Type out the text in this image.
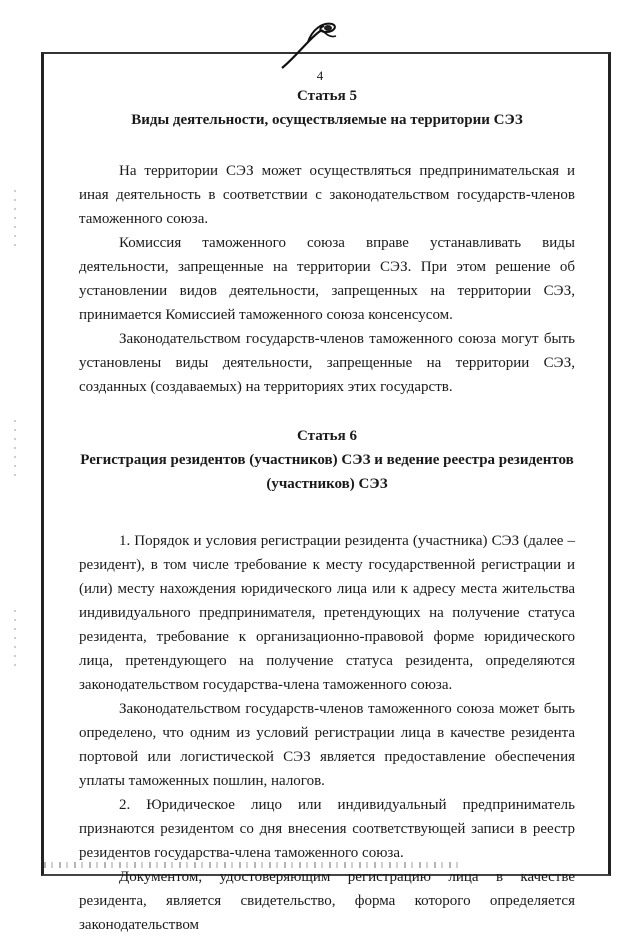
4

Статья 5

Виды деятельности, осуществляемые на территории СЭЗ

На территории СЭЗ может осуществляться предпринимательская и иная деятельность в соответствии с законодательством государств-членов таможенного союза.

Комиссия таможенного союза вправе устанавливать виды деятельности, запрещенные на территории СЭЗ. При этом решение об установлении видов деятельности, запрещенных на территории СЭЗ, принимается Комиссией таможенного союза консенсусом.

Законодательством государств-членов таможенного союза могут быть установлены виды деятельности, запрещенные на территории СЭЗ, созданных (создаваемых) на территориях этих государств.

Статья 6

Регистрация резидентов (участников) СЭЗ и ведение реестра резидентов (участников) СЭЗ

1. Порядок и условия регистрации резидента (участника) СЭЗ (далее – резидент), в том числе требование к месту государственной регистрации и (или) месту нахождения юридического лица или к адресу места жительства индивидуального предпринимателя, претендующих на получение статуса резидента, требование к организационно-правовой форме юридического лица, претендующего на получение статуса резидента, определяются законодательством государства-члена таможенного союза.

Законодательством государств-членов таможенного союза может быть определено, что одним из условий регистрации лица в качестве резидента портовой или логистической СЭЗ является предоставление обеспечения уплаты таможенных пошлин, налогов.

2. Юридическое лицо или индивидуальный предприниматель признаются резидентом со дня внесения соответствующей записи в реестр резидентов государства-члена таможенного союза.

Документом, удостоверяющим регистрацию лица в качестве резидента, является свидетельство, форма которого определяется законодательством
